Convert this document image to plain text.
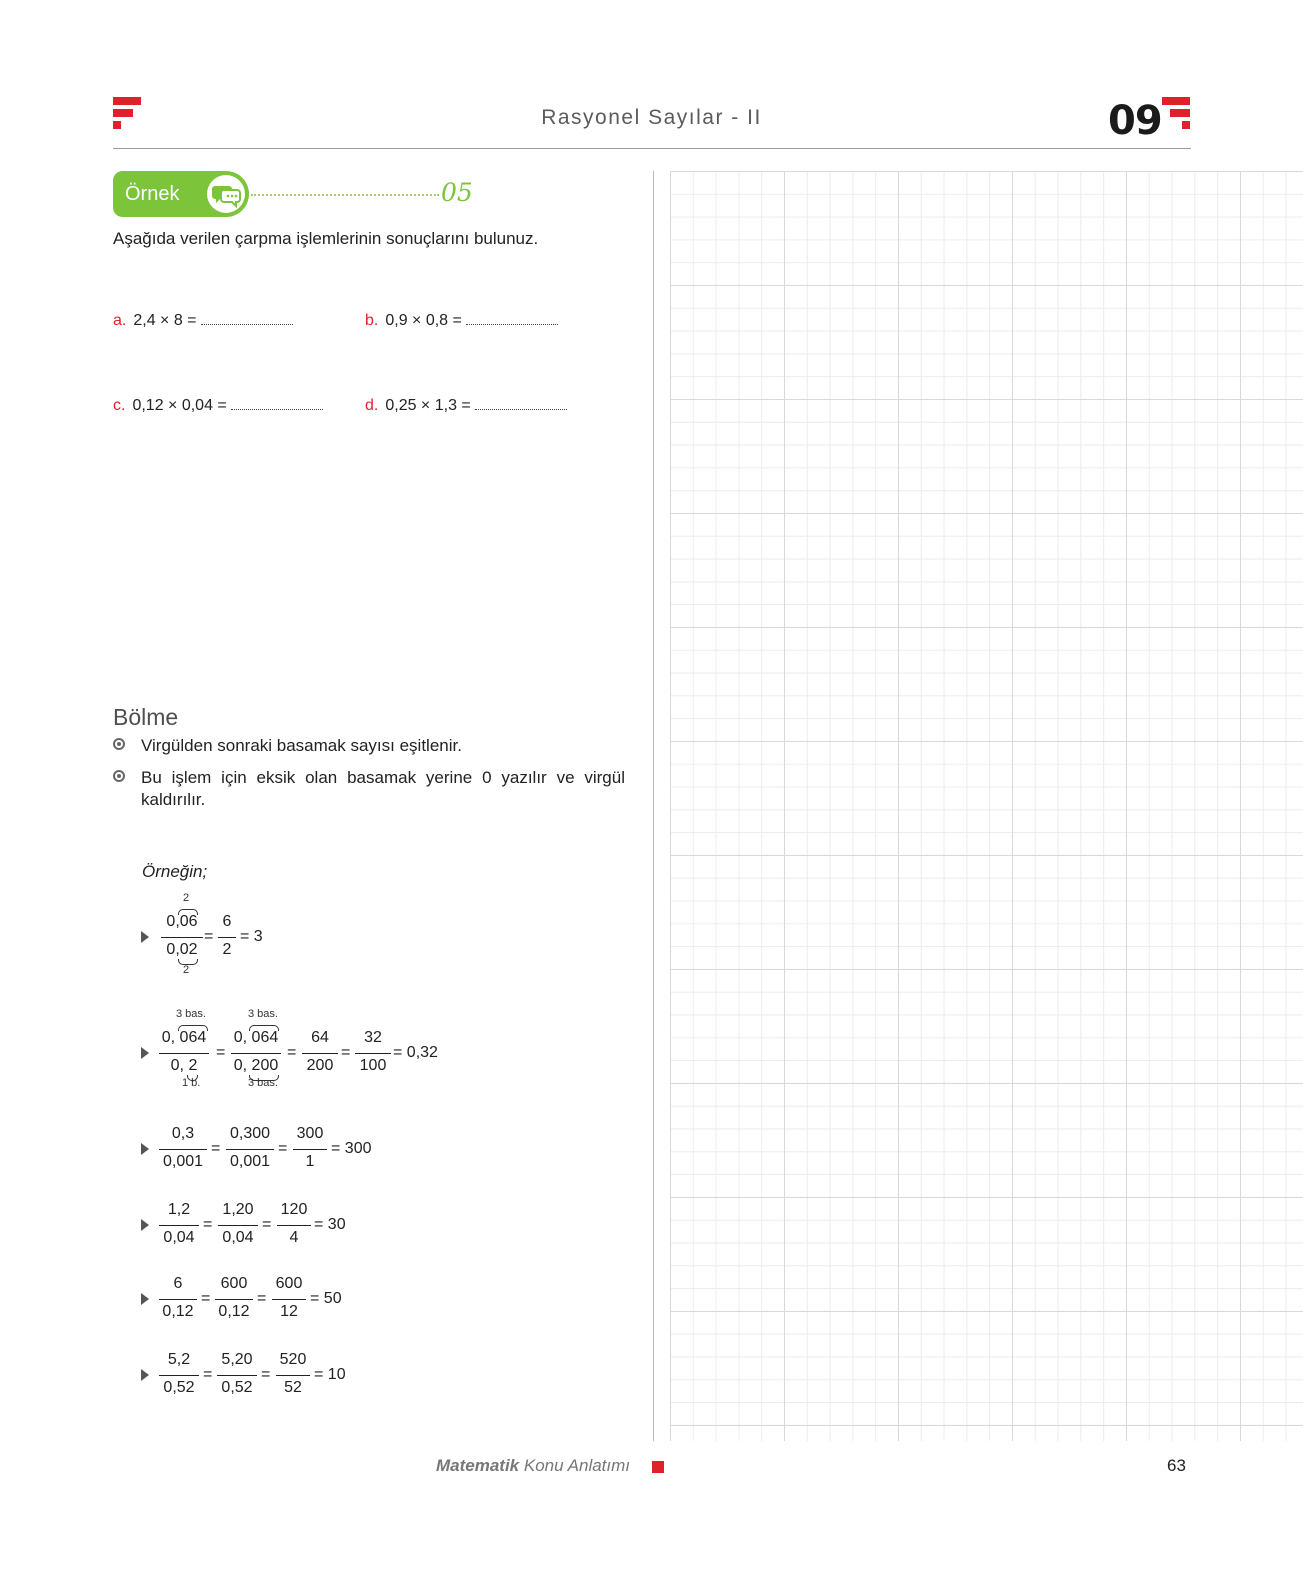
Rasyonel Sayılar - II	09
Örnek	05
Aşağıda verilen çarpma işlemlerinin sonuçlarını bulunuz.
a. 2,4 × 8 =	b. 0,9 × 0,8 =
c. 0,12 × 0,04 =	d. 0,25 × 1,3 =
Bölme
Virgülden sonraki basamak sayısı eşitlenir.
Bu işlem için eksik olan basamak yerine 0 yazılır ve virgül kaldırılır.
Örneğin;
0,06
0,02
2
2
=
6
2
= 3
0, 064
0, 2
3 bas.
1 b.
=
0, 064
0, 200
3 bas.
3 bas.
=
64
200
=
32
100
= 0,32
0,3
0,001
=
0,300
0,001
=
300
1
= 300
1,2
0,04
=
1,20
0,04
=
120
4
= 30
6
0,12
=
600
0,12
=
600
12
= 50
5,2
0,52
=
5,20
0,52
=
520
52
= 10
Matematik Konu Anlatımı	63
